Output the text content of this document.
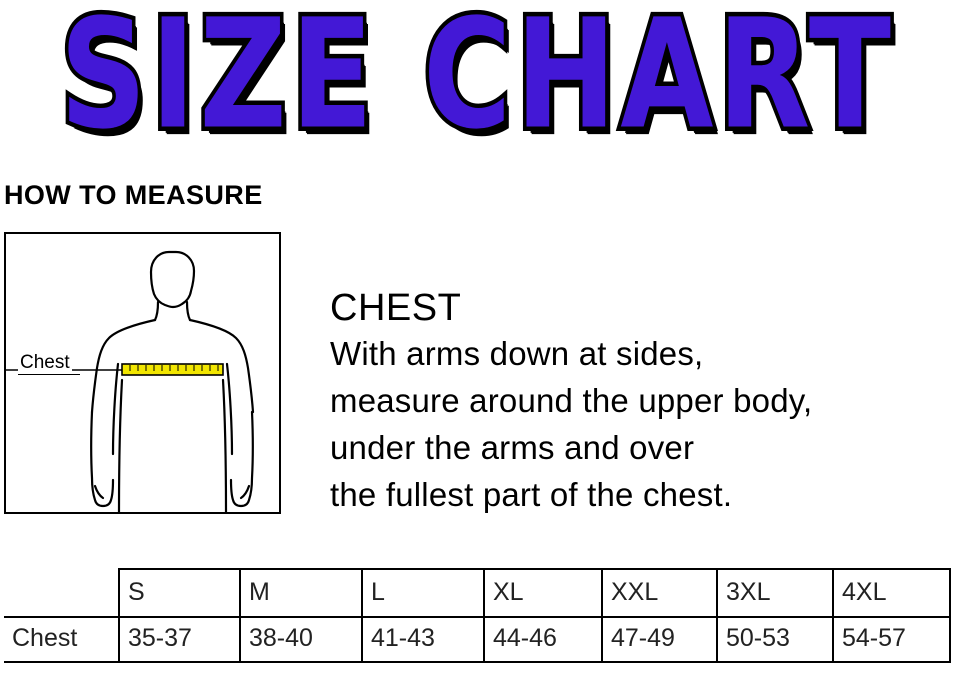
SIZE CHART
HOW TO MEASURE
Chest
CHEST
With arms down at sides,
measure around the upper body,
under the arms and over
the fullest part of the chest.
	S	M	L	XL	XXL	3XL	4XL
Chest	35-37	38-40	41-43	44-46	47-49	50-53	54-57
